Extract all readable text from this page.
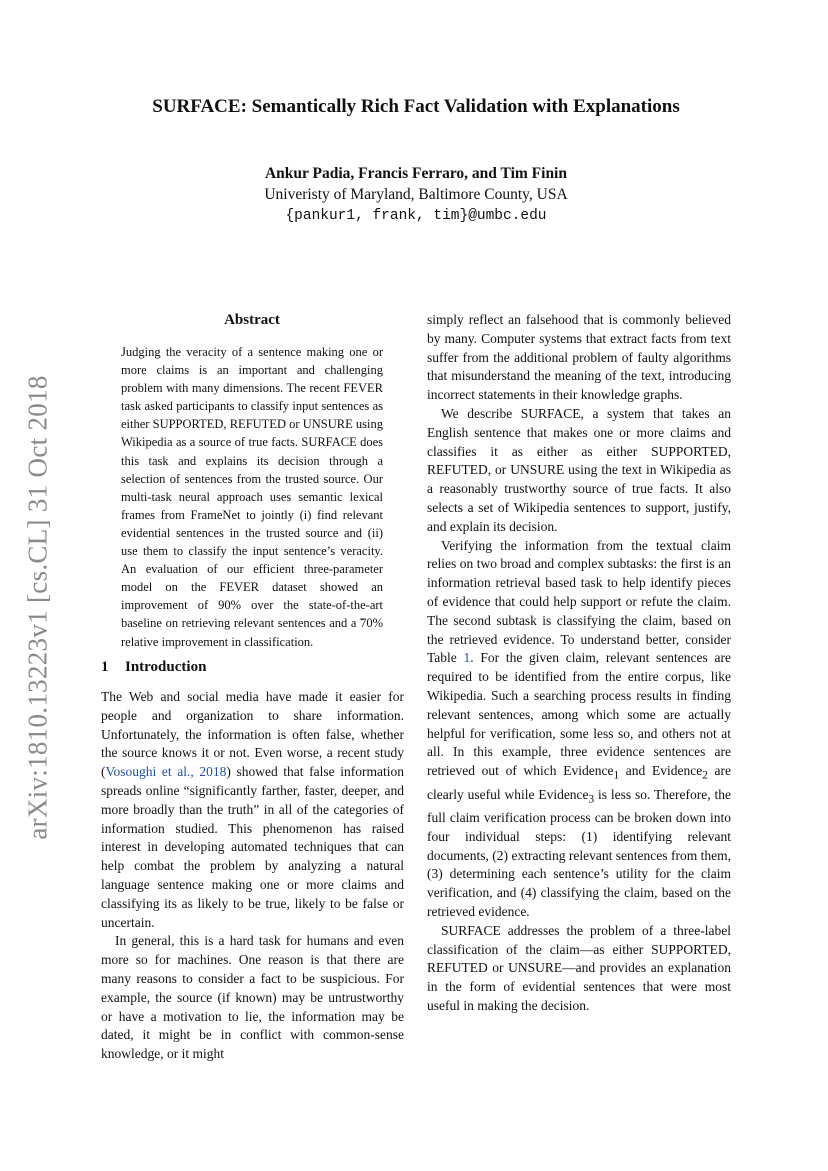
arXiv:1810.13223v1 [cs.CL] 31 Oct 2018
SURFACE: Semantically Rich Fact Validation with Explanations
Ankur Padia, Francis Ferraro, and Tim Finin
Univeristy of Maryland, Baltimore County, USA
{pankur1, frank, tim}@umbc.edu
Abstract

Judging the veracity of a sentence making one or more claims is an important and challenging problem with many dimensions. The recent FEVER task asked participants to classify input sentences as either SUPPORTED, REFUTED or UNSURE using Wikipedia as a source of true facts. SURFACE does this task and explains its decision through a selection of sentences from the trusted source. Our multi-task neural approach uses semantic lexical frames from FrameNet to jointly (i) find relevant evidential sentences in the trusted source and (ii) use them to classify the input sentence’s veracity. An evaluation of our efficient three-parameter model on the FEVER dataset showed an improvement of 90% over the state-of-the-art baseline on retrieving relevant sentences and a ̃70% relative improvement in classification.

1 Introduction

The Web and social media have made it easier for people and organization to share information. Unfortunately, the information is often false, whether the source knows it or not. Even worse, a recent study (Vosoughi et al., 2018) showed that false information spreads online “significantly farther, faster, deeper, and more broadly than the truth” in all of the categories of information studied. This phenomenon has raised interest in developing automated techniques that can help combat the problem by analyzing a natural language sentence making one or more claims and classifying its as likely to be true, likely to be false or uncertain.

In general, this is a hard task for humans and even more so for machines. One reason is that there are many reasons to consider a fact to be suspicious. For example, the source (if known) may be untrustworthy or have a motivation to lie, the information may be dated, it might be in conflict with common-sense knowledge, or it might

simply reflect an falsehood that is commonly believed by many. Computer systems that extract facts from text suffer from the additional problem of faulty algorithms that misunderstand the meaning of the text, introducing incorrect statements in their knowledge graphs.

We describe SURFACE, a system that takes an English sentence that makes one or more claims and classifies it as either as either SUPPORTED, REFUTED, or UNSURE using the text in Wikipedia as a reasonably trustworthy source of true facts. It also selects a set of Wikipedia sentences to support, justify, and explain its decision.

Verifying the information from the textual claim relies on two broad and complex subtasks: the first is an information retrieval based task to help identify pieces of evidence that could help support or refute the claim. The second subtask is classifying the claim, based on the retrieved evidence. To understand better, consider Table 1. For the given claim, relevant sentences are required to be identified from the entire corpus, like Wikipedia. Such a searching process results in finding relevant sentences, among which some are actually helpful for verification, some less so, and others not at all. In this example, three evidence sentences are retrieved out of which Evidence$_1$ and Evidence$_2$ are clearly useful while Evidence$_3$ is less so. Therefore, the full claim verification process can be broken down into four individual steps: (1) identifying relevant documents, (2) extracting relevant sentences from them, (3) determining each sentence’s utility for the claim verification, and (4) classifying the claim, based on the retrieved evidence.

SURFACE addresses the problem of a three-label classification of the claim—as either SUPPORTED, REFUTED or UNSURE—and provides an explanation in the form of evidential sentences that were most useful in making the decision.
